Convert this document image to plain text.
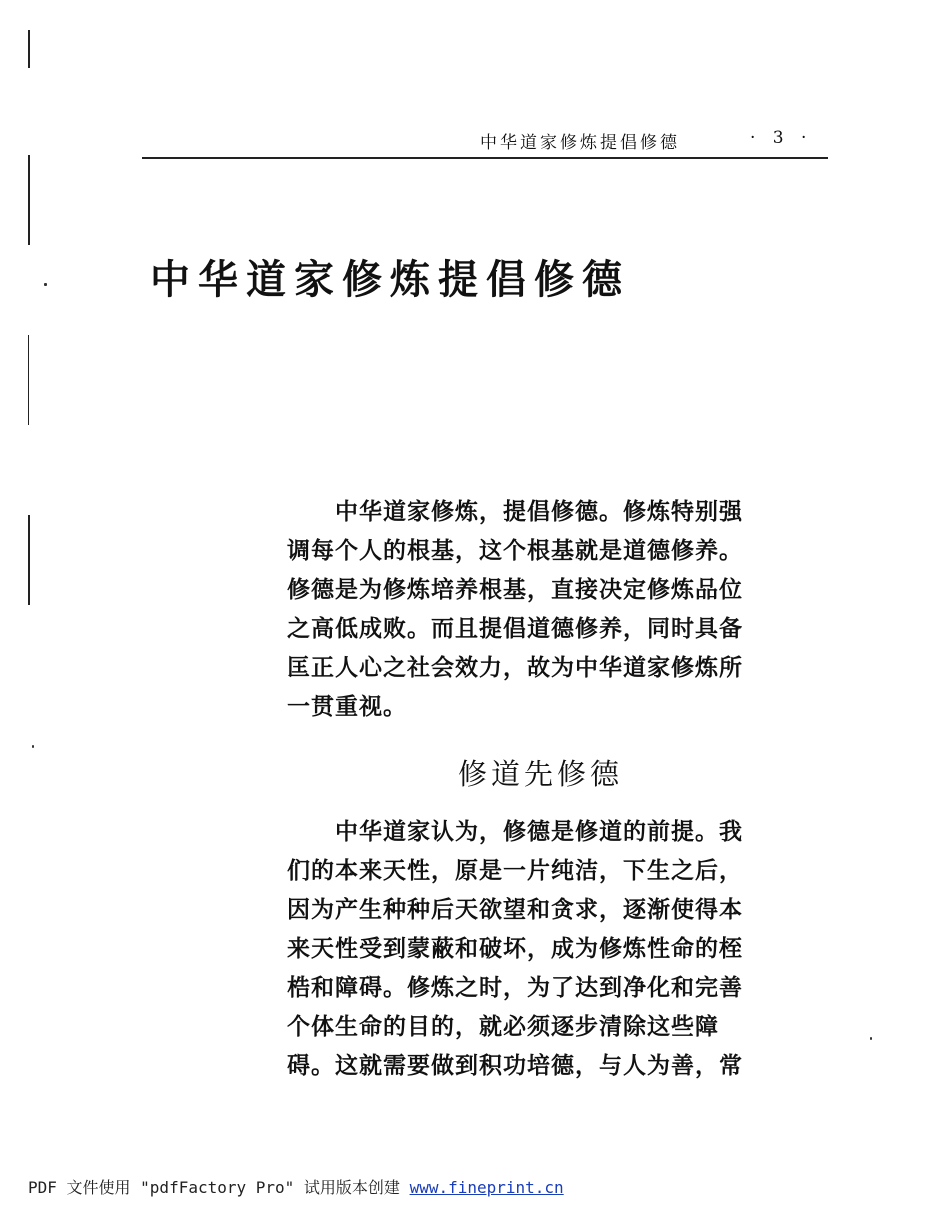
中华道家修炼提倡修德	· 3 ·
中华道家修炼提倡修德
　　中华道家修炼，提倡修德。修炼特别强
调每个人的根基，这个根基就是道德修养。
修德是为修炼培养根基，直接决定修炼品位
之高低成败。而且提倡道德修养，同时具备
匡正人心之社会效力，故为中华道家修炼所
一贯重视。
修道先修德
　　中华道家认为，修德是修道的前提。我
们的本来天性，原是一片纯洁，下生之后，
因为产生种种后天欲望和贪求，逐渐使得本
来天性受到蒙蔽和破坏，成为修炼性命的桎
梏和障碍。修炼之时，为了达到净化和完善
个体生命的目的，就必须逐步清除这些障
碍。这就需要做到积功培德，与人为善，常
PDF 文件使用 "pdfFactory Pro" 试用版本创建 www.fineprint.cn
